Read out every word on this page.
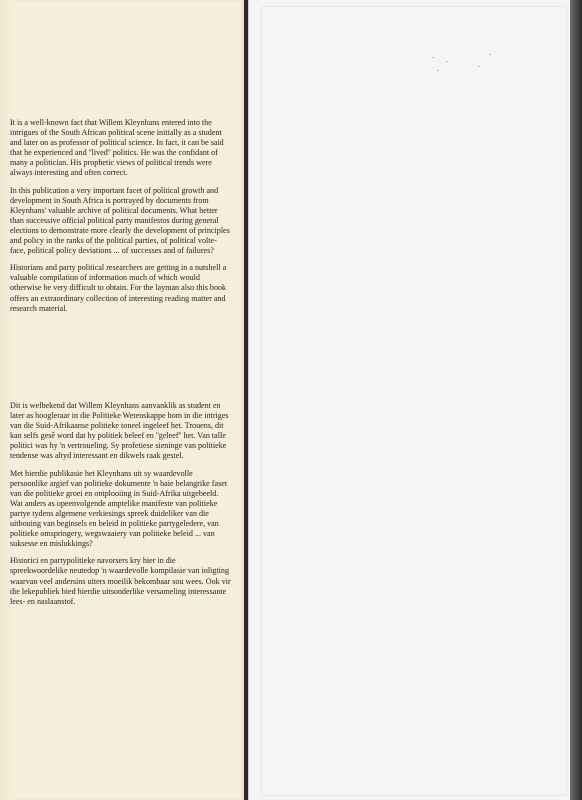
It is a well-known fact that Willem Kleynhans entered into the intrigues of the South African political scene initially as a student and later on as professor of political science. In fact, it can be said that he experienced and ''lived'' politics. He was the confidant of many a politician. His prophetic views of political trends were always interesting and often correct.

In this publication a very important facet of political growth and development in South Africa is portrayed by documents from Kleynhans' valuable archive of political documents. What better than successive official political party manifestos during general elections to demonstrate more clearly the development of principles and policy in the ranks of the political parties, of political volte-face, political policy deviations ... of successes and of failures?

Historians and party political researchers are getting in a nutshell a valuable compilation of information much of which would otherwise be very difficult to obtain. For the layman also this book offers an extraordinary collection of interesting reading matter and research material.

Dit is welbekend dat Willem Kleynhans aanvanklik as student en later as hoogleraar in die Politieke Wetenskappe hom in die intriges van die Suid-Afrikaanse politieke toneel ingeleef het. Trouens, dit kan selfs gesê word dat hy politiek beleef en ''geleef'' het. Van talle politici was hy 'n vertroueling. Sy profetiese sieninge van politieke tendense was altyd interessant en dikwels raak gestel.

Met hierdie publikasie het Kleynhans uit sy waardevolle persoonlike argief van politieke dokumente 'n baie belangrike faset van die politieke groei en ontplooiing in Suid-Afrika uitgebeeld. Wat anders as opeenvolgende amptelike manifeste van politieke partye tydens algemene verkiesings spreek duideliker van die uitbouing van beginsels en beleid in politieke partygeledere, van politieke omspringery, wegswaaiery van politieke beleid ... van suksesse en mislukkings?

Historici en partypolitieke navorsers kry hier in die spreekwoordelike neutedop 'n waardevolle kompilasie van inligting waarvan veel andersins uiters moeilik bekombaar sou wees. Ook vir die lekepubliek bied hierdie uitsonderlike versameling interessante lees- en naslaanstof.
